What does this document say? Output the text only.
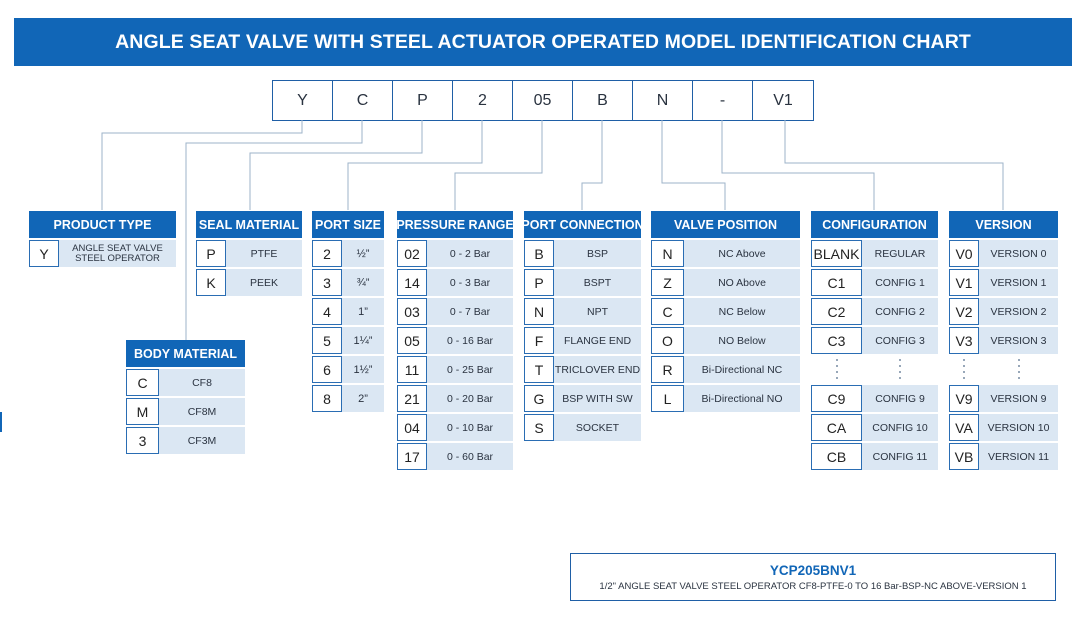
ANGLE SEAT VALVE WITH STEEL ACTUATOR OPERATED MODEL IDENTIFICATION CHART
Y	C	P	2	05	B	N	-	V1
PRODUCT TYPE
Y	ANGLE SEAT VALVE STEEL OPERATOR
BODY MATERIAL
C	CF8
M	CF8M
3	CF3M
SEAL MATERIAL
P	PTFE
K	PEEK
PORT SIZE
2	½”
3	¾”
4	1”
5	1¼”
6	1½”
8	2”
PRESSURE RANGE
02	0 - 2 Bar
14	0 - 3 Bar
03	0 - 7 Bar
05	0 - 16 Bar
11	0 - 25 Bar
21	0 - 20 Bar
04	0 - 10 Bar
17	0 - 60 Bar
PORT CONNECTION
B	BSP
P	BSPT
N	NPT
F	FLANGE END
T	TRICLOVER END
G	BSP WITH SW
S	SOCKET
VALVE POSITION
N	NC Above
Z	NO Above
C	NC Below
O	NO Below
R	Bi-Directional NC
L	Bi-Directional NO
CONFIGURATION
BLANK	REGULAR
C1	CONFIG 1
C2	CONFIG 2
C3	CONFIG 3
C9	CONFIG 9
CA	CONFIG 10
CB	CONFIG 11
VERSION
V0	VERSION 0
V1	VERSION 1
V2	VERSION 2
V3	VERSION 3
V9	VERSION 9
VA	VERSION 10
VB	VERSION 11
YCP205BNV1
1/2" ANGLE SEAT VALVE STEEL OPERATOR CF8-PTFE-0 TO 16 Bar-BSP-NC ABOVE-VERSION 1
